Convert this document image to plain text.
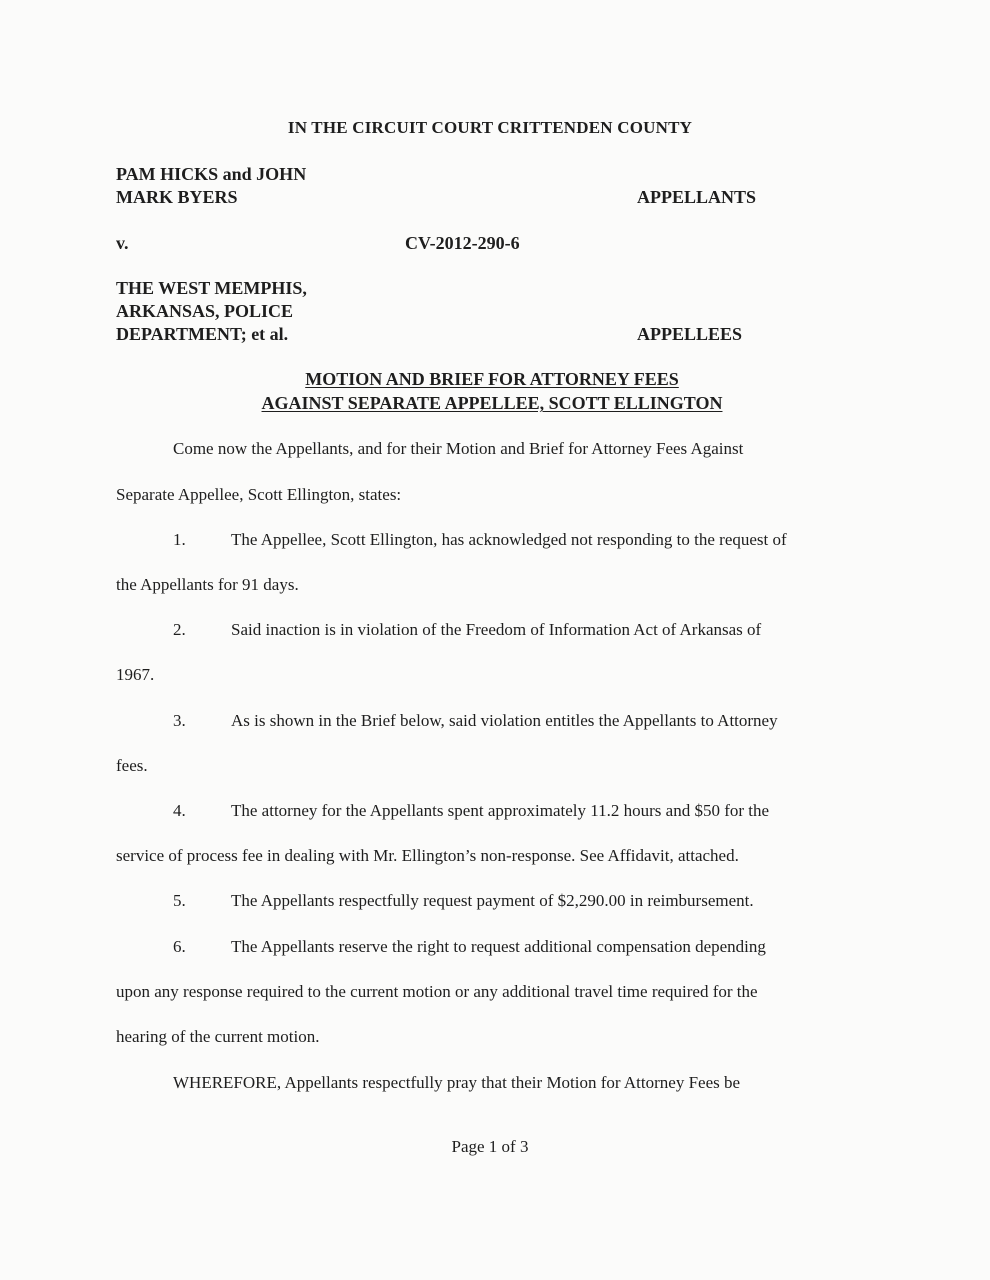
IN THE CIRCUIT COURT CRITTENDEN COUNTY
PAM HICKS and JOHN
MARK BYERS	APPELLANTS
v.	CV-2012-290-6
THE WEST MEMPHIS,
ARKANSAS, POLICE
DEPARTMENT; et al.	APPELLEES
MOTION AND BRIEF FOR ATTORNEY FEES
AGAINST SEPARATE APPELLEE, SCOTT ELLINGTON
Come now the Appellants, and for their Motion and Brief for Attorney Fees Against
Separate Appellee, Scott Ellington, states:
1.	The Appellee, Scott Ellington, has acknowledged not responding to the request of
the Appellants for 91 days.
2.	Said inaction is in violation of the Freedom of Information Act of Arkansas of
1967.
3.	As is shown in the Brief below, said violation entitles the Appellants to Attorney
fees.
4.	The attorney for the Appellants spent approximately 11.2 hours and $50 for the
service of process fee in dealing with Mr. Ellington’s non-response. See Affidavit, attached.
5.	The Appellants respectfully request payment of $2,290.00 in reimbursement.
6.	The Appellants reserve the right to request additional compensation depending
upon any response required to the current motion or any additional travel time required for the
hearing of the current motion.
WHEREFORE, Appellants respectfully pray that their Motion for Attorney Fees be
Page 1 of 3
